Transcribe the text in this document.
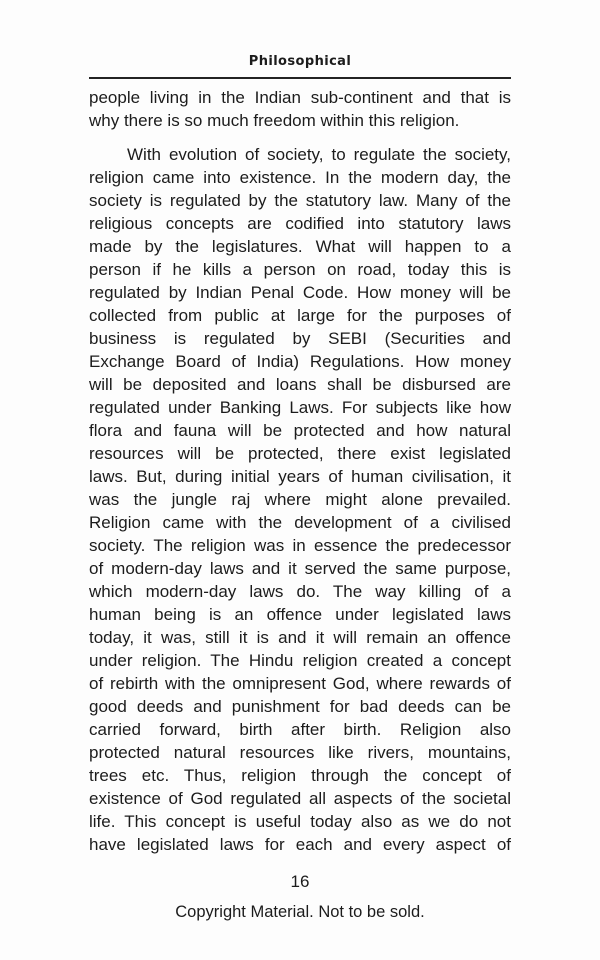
Philosophical
people living in the Indian sub-continent and that is
why there is so much freedom within this religion.
With evolution of society, to regulate the society,
religion came into existence. In the modern day, the
society is regulated by the statutory law. Many of the
religious concepts are codified into statutory laws
made by the legislatures. What will happen to a
person if he kills a person on road, today this is
regulated by Indian Penal Code. How money will be
collected from public at large for the purposes of
business is regulated by SEBI (Securities and
Exchange Board of India) Regulations. How money
will be deposited and loans shall be disbursed are
regulated under Banking Laws. For subjects like how
flora and fauna will be protected and how natural
resources will be protected, there exist legislated
laws. But, during initial years of human civilisation, it
was the jungle raj where might alone prevailed.
Religion came with the development of a civilised
society. The religion was in essence the predecessor
of modern-day laws and it served the same purpose,
which modern-day laws do. The way killing of a
human being is an offence under legislated laws
today, it was, still it is and it will remain an offence
under religion. The Hindu religion created a concept
of rebirth with the omnipresent God, where rewards of
good deeds and punishment for bad deeds can be
carried forward, birth after birth. Religion also
protected natural resources like rivers, mountains,
trees etc. Thus, religion through the concept of
existence of God regulated all aspects of the societal
life. This concept is useful today also as we do not
have legislated laws for each and every aspect of
16
Copyright Material. Not to be sold.
